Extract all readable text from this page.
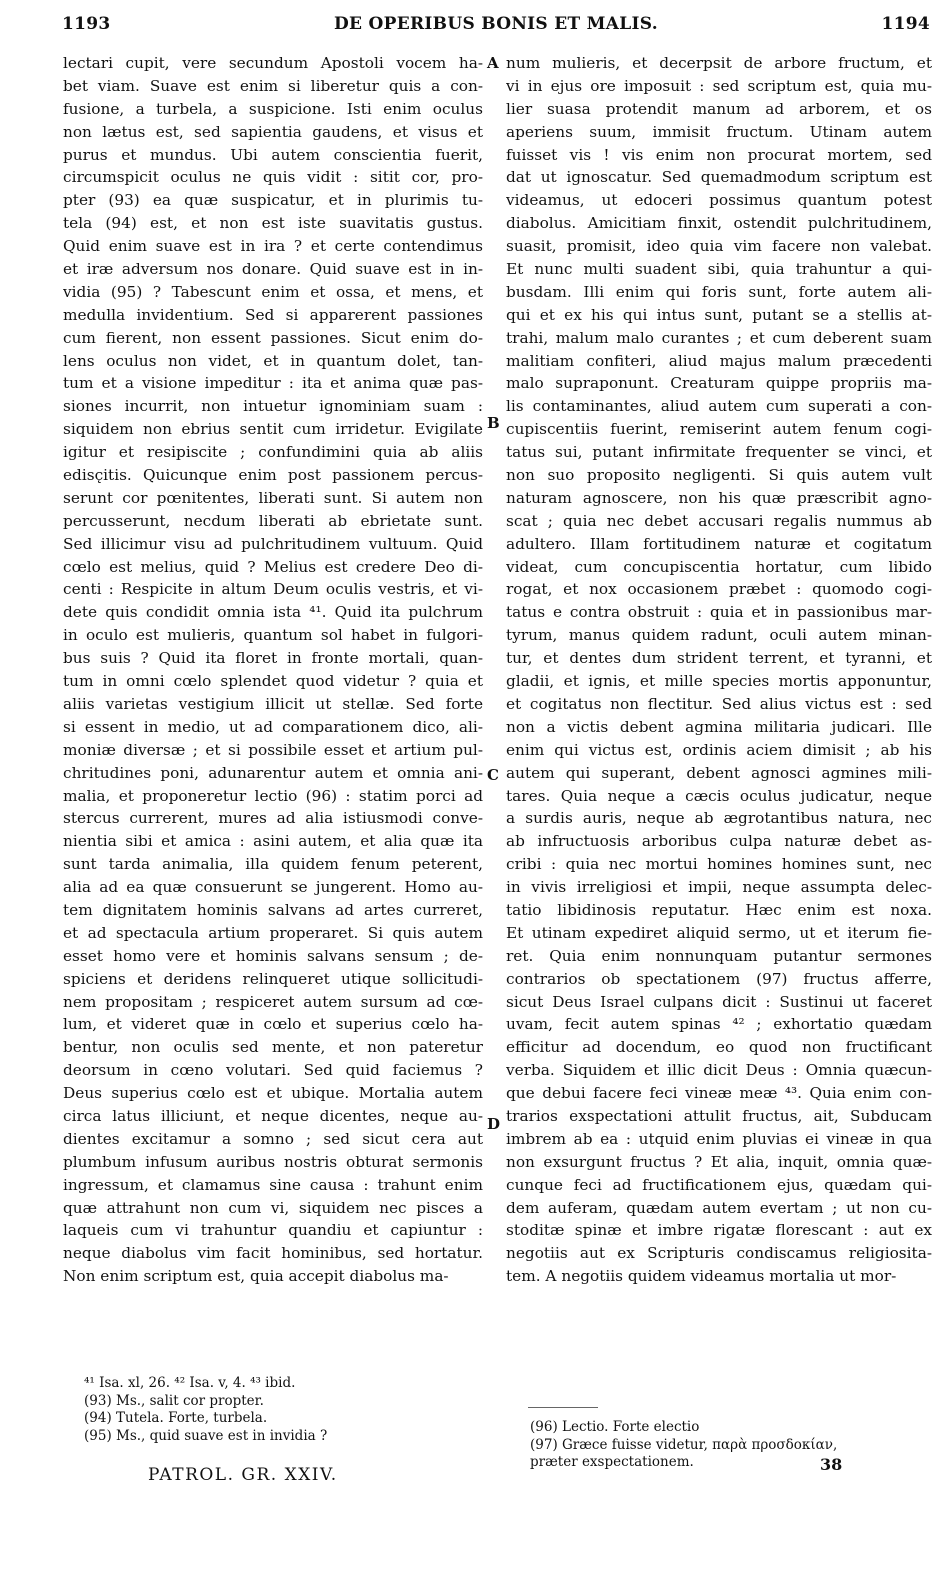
1193	DE OPERIBUS BONIS ET MALIS.	1194
lectari cupit, vere secundum Apostoli vocem ha-
bet viam. Suave est enim si liberetur quis a con-
fusione, a turbela, a suspicione. Isti enim oculus
non lætus est, sed sapientia gaudens, et visus et
purus et mundus. Ubi autem conscientia fuerit,
circumspicit oculus ne quis vidit : sitit cor, pro-
pter (93) ea quæ suspicatur, et in plurimis tu-
tela (94) est, et non est iste suavitatis gustus.
Quid enim suave est in ira ? et certe contendimus
et iræ adversum nos donare. Quid suave est in in-
vidia (95) ? Tabescunt enim et ossa, et mens, et
medulla invidentium. Sed si apparerent passiones
cum fierent, non essent passiones. Sicut enim do-
lens oculus non videt, et in quantum dolet, tan-
tum et a visione impeditur : ita et anima quæ pas-
siones incurrit, non intuetur ignominiam suam :
siquidem non ebrius sentit cum irridetur. Evigilate
igitur et resipiscite ; confundimini quia ab aliis
edisc̨itis. Quicunque enim post passionem percus-
serunt cor pœnitentes, liberati sunt. Si autem non
percusserunt, necdum liberati ab ebrietate sunt.
Sed illicimur visu ad pulchritudinem vultuum. Quid
cœlo est melius, quid ? Melius est credere Deo di-
centi : Respicite in altum Deum oculis vestris, et vi-
dete quis condidit omnia ista ⁴¹. Quid ita pulchrum
in oculo est mulieris, quantum sol habet in fulgori-
bus suis ? Quid ita floret in fronte mortali, quan-
tum in omni cœlo splendet quod videtur ? quia et
aliis varietas vestigium illicit ut stellæ. Sed forte
si essent in medio, ut ad comparationem dico, ali-
moniæ diversæ ; et si possibile esset et artium pul-
chritudines poni, adunarentur autem et omnia ani-
malia, et proponeretur lectio (96) : statim porci ad
stercus currerent, mures ad alia istiusmodi conve-
nientia sibi et amica : asini autem, et alia quæ ita
sunt tarda animalia, illa quidem fenum peterent,
alia ad ea quæ consuerunt se jungerent. Homo au-
tem dignitatem hominis salvans ad artes curreret,
et ad spectacula artium properaret. Si quis autem
esset homo vere et hominis salvans sensum ; de-
spiciens et deridens relinqueret utique sollicitudi-
nem propositam ; respiceret autem sursum ad cœ-
lum, et videret quæ in cœlo et superius cœlo ha-
bentur, non oculis sed mente, et non pateretur
deorsum in cœno volutari. Sed quid faciemus ?
Deus superius cœlo est et ubique. Mortalia autem
circa latus illiciunt, et neque dicentes, neque au-
dientes excitamur a somno ; sed sicut cera aut
plumbum infusum auribus nostris obturat sermonis
ingressum, et clamamus sine causa : trahunt enim
quæ attrahunt non cum vi, siquidem nec pisces a
laqueis cum vi trahuntur quandiu et capiuntur :
neque diabolus vim facit hominibus, sed hortatur.
Non enim scriptum est, quia accepit diabolus ma-
num mulieris, et decerpsit de arbore fructum, et
vi in ejus ore imposuit : sed scriptum est, quia mu-
lier suasa protendit manum ad arborem, et os
aperiens suum, immisit fructum. Utinam autem
fuisset vis ! vis enim non procurat mortem, sed
dat ut ignoscatur. Sed quemadmodum scriptum est
videamus, ut edoceri possimus quantum potest
diabolus. Amicitiam finxit, ostendit pulchritudinem,
suasit, promisit, ideo quia vim facere non valebat.
Et nunc multi suadent sibi, quia trahuntur a qui-
busdam. Illi enim qui foris sunt, forte autem ali-
qui et ex his qui intus sunt, putant se a stellis at-
trahi, malum malo curantes ; et cum deberent suam
malitiam confiteri, aliud majus malum præcedenti
malo supraponunt. Creaturam quippe propriis ma-
lis contaminantes, aliud autem cum superati a con-
cupiscentiis fuerint, remiserint autem fenum cogi-
tatus sui, putant infirmitate frequenter se vinci, et
non suo proposito negligenti. Si quis autem vult
naturam agnoscere, non his quæ præscribit agno-
scat ; quia nec debet accusari regalis nummus ab
adultero. Illam fortitudinem naturæ et cogitatum
videat, cum concupiscentia hortatur, cum libido
rogat, et nox occasionem præbet : quomodo cogi-
tatus e contra obstruit : quia et in passionibus mar-
tyrum, manus quidem radunt, oculi autem minan-
tur, et dentes dum strident terrent, et tyranni, et
gladii, et ignis, et mille species mortis apponuntur,
et cogitatus non flectitur. Sed alius victus est : sed
non a victis debent agmina militaria judicari. Ille
enim qui victus est, ordinis aciem dimisit ; ab his
autem qui superant, debent agnosci agmines mili-
tares. Quia neque a cæcis oculus judicatur, neque
a surdis auris, neque ab ægrotantibus natura, nec
ab infructuosis arboribus culpa naturæ debet as-
cribi : quia nec mortui homines homines sunt, nec
in vivis irreligiosi et impii, neque assumpta delec-
tatio libidinosis reputatur. Hæc enim est noxa.
Et utinam expediret aliquid sermo, ut et iterum fie-
ret. Quia enim nonnunquam putantur sermones
contrarios ob spectationem (97) fructus afferre,
sicut Deus Israel culpans dicit : Sustinui ut faceret
uvam, fecit autem spinas ⁴² ; exhortatio quædam
efficitur ad docendum, eo quod non fructificant
verba. Siquidem et illic dicit Deus : Omnia quæcun-
que debui facere feci vineæ meæ ⁴³. Quia enim con-
trarios exspectationi attulit fructus, ait, Subducam
imbrem ab ea : utquid enim pluvias ei vineæ in qua
non exsurgunt fructus ? Et alia, inquit, omnia quæ-
cunque feci ad fructificationem ejus, quædam qui-
dem auferam, quædam autem evertam ; ut non cu-
stoditæ spinæ et imbre rigatæ florescant : aut ex
negotiis aut ex Scripturis condiscamus religiosita-
tem. A negotiis quidem videamus mortalia ut mor-
A
B
C
D
⁴¹ Isa. xl, 26. ⁴² Isa. v, 4. ⁴³ ibid.
(93) Ms., salit cor propter.
(94) Tutela. Forte, turbela.
(95) Ms., quid suave est in invidia ?
(96) Lectio. Forte electio
(97) Græce fuisse videtur, παρὰ προσδοκίαν,
præter exspectationem.
PATROL. GR. XXIV.
38
